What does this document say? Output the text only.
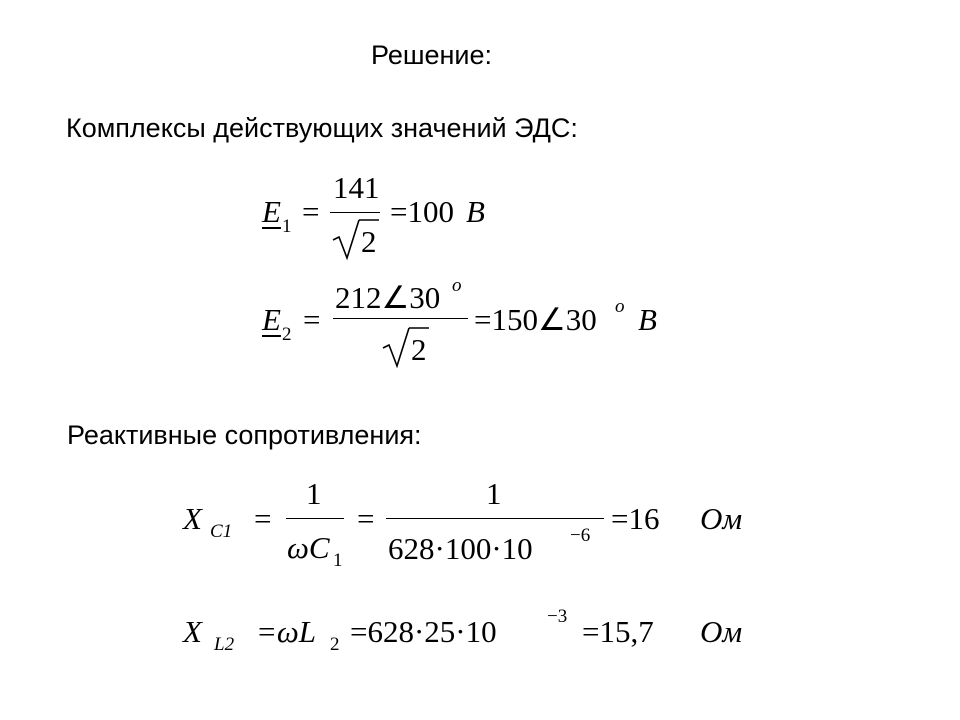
Решение:
Комплексы действующих значений ЭДС:
E 1 =
141
2
=100 B
E 2 =
212∠30 o
2
=150∠30 o B
Реактивные сопротивления:
X C1 =
1
ωC 1
=
1
628·100·10 −6 =16 Ом
X L2 =ωL 2 =628·25·10	−3 =15,7 Ом
